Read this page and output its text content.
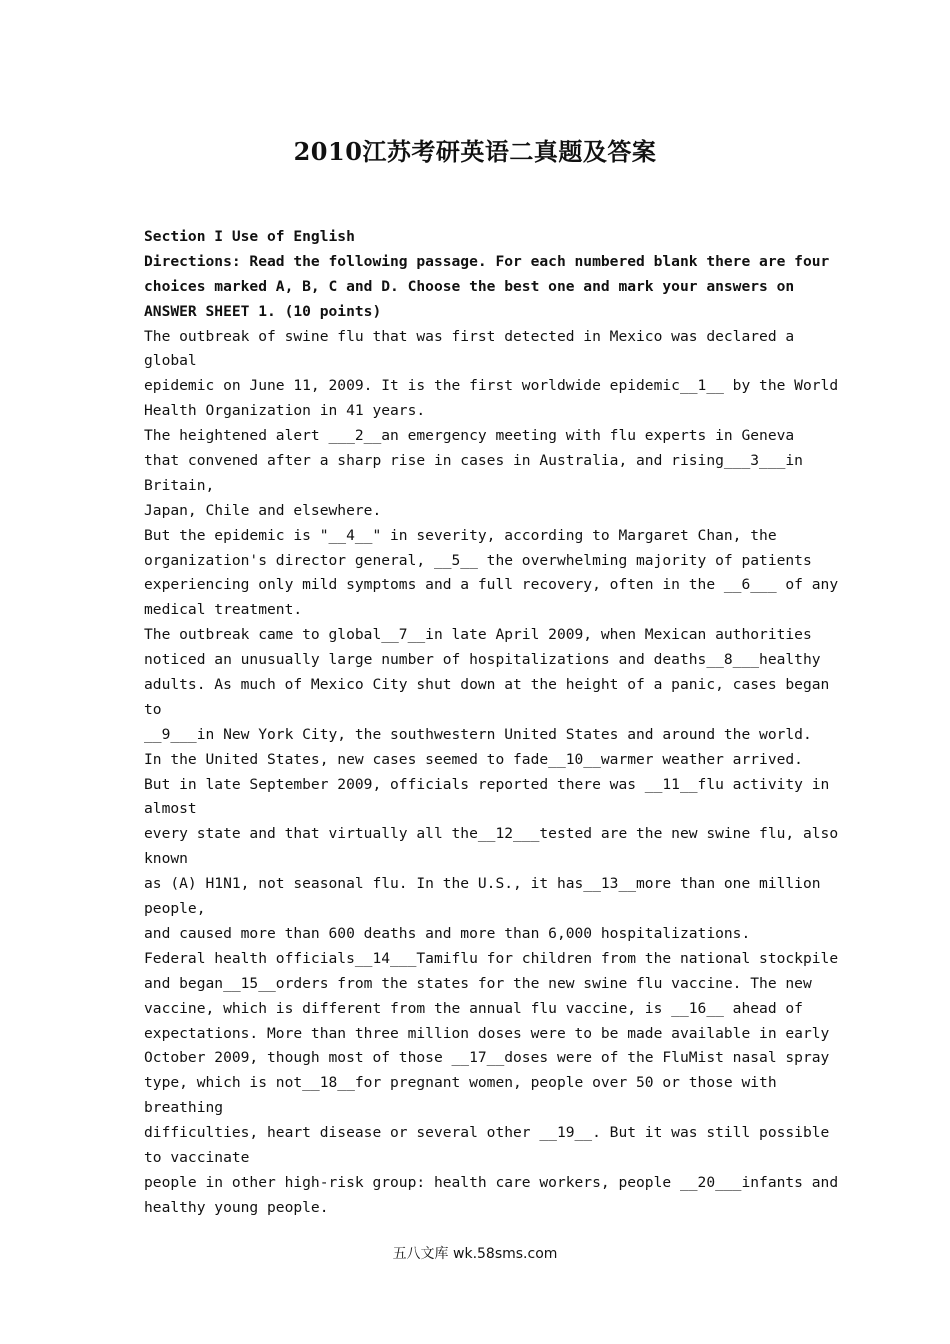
2010江苏考研英语二真题及答案
Section I Use of English
Directions: Read the following passage. For each numbered blank there are four
choices marked A, B, C and D. Choose the best one and mark your answers on
ANSWER SHEET 1. (10 points)
The outbreak of swine flu that was first detected in Mexico was declared a
global
epidemic on June 11, 2009. It is the first worldwide epidemic__1__ by the World
Health Organization in 41 years.
The heightened alert ___2__an emergency meeting with flu experts in Geneva
that convened after a sharp rise in cases in Australia, and rising___3___in
Britain,
Japan, Chile and elsewhere.
But the epidemic is "__4__" in severity, according to Margaret Chan, the
organization's director general, __5__ the overwhelming majority of patients
experiencing only mild symptoms and a full recovery, often in the __6___ of any
medical treatment.
The outbreak came to global__7__in late April 2009, when Mexican authorities
noticed an unusually large number of hospitalizations and deaths__8___healthy
adults. As much of Mexico City shut down at the height of a panic, cases began
to
__9___in New York City, the southwestern United States and around the world.
In the United States, new cases seemed to fade__10__warmer weather arrived.
But in late September 2009, officials reported there was __11__flu activity in
almost
every state and that virtually all the__12___tested are the new swine flu, also
known
as (A) H1N1, not seasonal flu. In the U.S., it has__13__more than one million
people,
and caused more than 600 deaths and more than 6,000 hospitalizations.
Federal health officials__14___Tamiflu for children from the national stockpile
and began__15__orders from the states for the new swine flu vaccine. The new
vaccine, which is different from the annual flu vaccine, is __16__ ahead of
expectations. More than three million doses were to be made available in early
October 2009, though most of those __17__doses were of the FluMist nasal spray
type, which is not__18__for pregnant women, people over 50 or those with
breathing
difficulties, heart disease or several other __19__. But it was still possible
to vaccinate
people in other high-risk group: health care workers, people __20___infants and
healthy young people.
五八文库 wk.58sms.com
